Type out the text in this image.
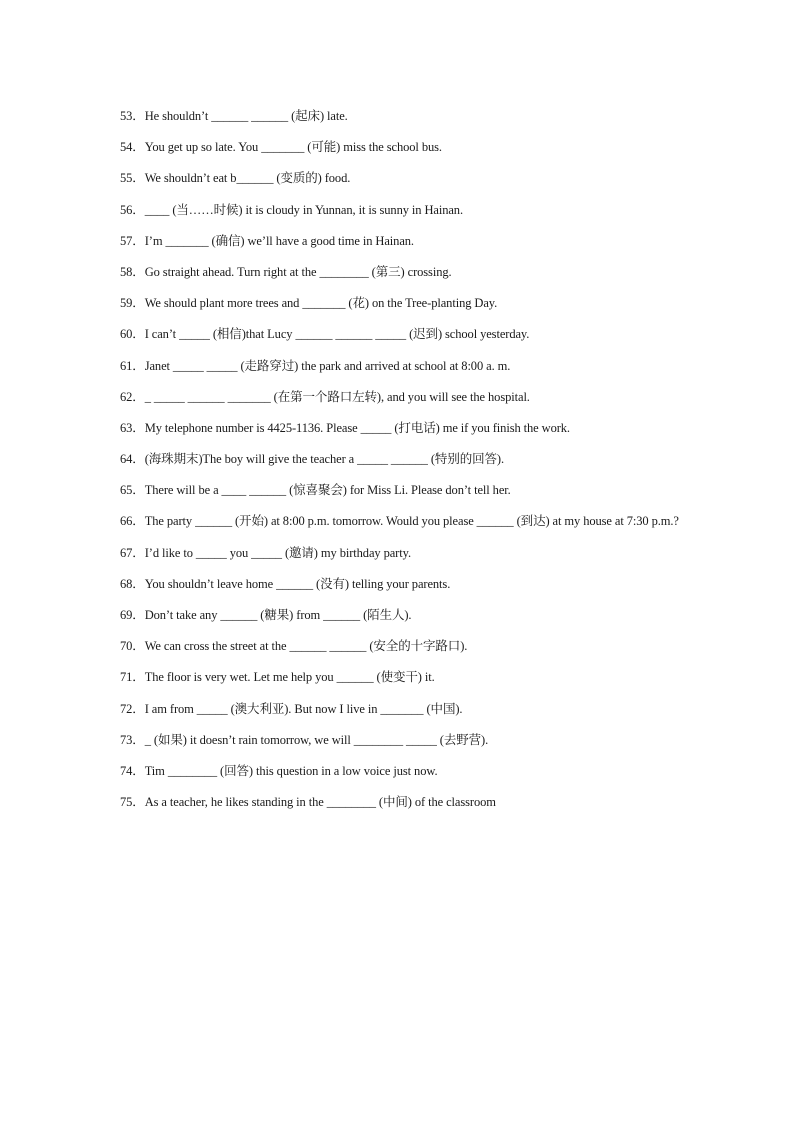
53．He shouldn’t ______ ______ (起床) late.
54．You get up so late. You _______ (可能) miss the school bus.
55．We shouldn’t eat b______ (变质的) food.
56．____ (当……时候) it is cloudy in Yunnan, it is sunny in Hainan.
57．I’m _______ (确信) we’ll have a good time in Hainan.
58．Go straight ahead. Turn right at the ________ (第三) crossing.
59．We should plant more trees and _______ (花) on the Tree-planting Day.
60．I can’t _____ (相信)that Lucy ______ ______ _____ (迟到) school yesterday.
61．Janet _____ _____ (走路穿过) the park and arrived at school at 8:00 a. m.
62．_ _____ ______ _______ (在第一个路口左转), and you will see the hospital.
63．My telephone number is 4425-1136. Please _____ (打电话) me if you finish the work.
64．(海珠期末)The boy will give the teacher a _____ ______ (特别的回答).
65．There will be a ____ ______ (惊喜聚会) for Miss Li. Please don’t tell her.
66．The party ______ (开始) at 8:00 p.m. tomorrow. Would you please ______ (到达) at my house at 7:30 p.m.?
67．I’d like to _____ you _____ (邀请) my birthday party.
68．You shouldn’t leave home ______ (没有) telling your parents.
69．Don’t take any ______ (糖果) from ______ (陌生人).
70．We can cross the street at the ______ ______ (安全的十字路口).
71．The floor is very wet. Let me help you ______ (使变干) it.
72．I am from _____ (澳大利亚). But now I live in _______ (中国).
73．_ (如果) it doesn’t rain tomorrow, we will ________ _____ (去野营).
74．Tim ________ (回答) this question in a low voice just now.
75．As a teacher, he likes standing in the ________ (中间) of the classroom
